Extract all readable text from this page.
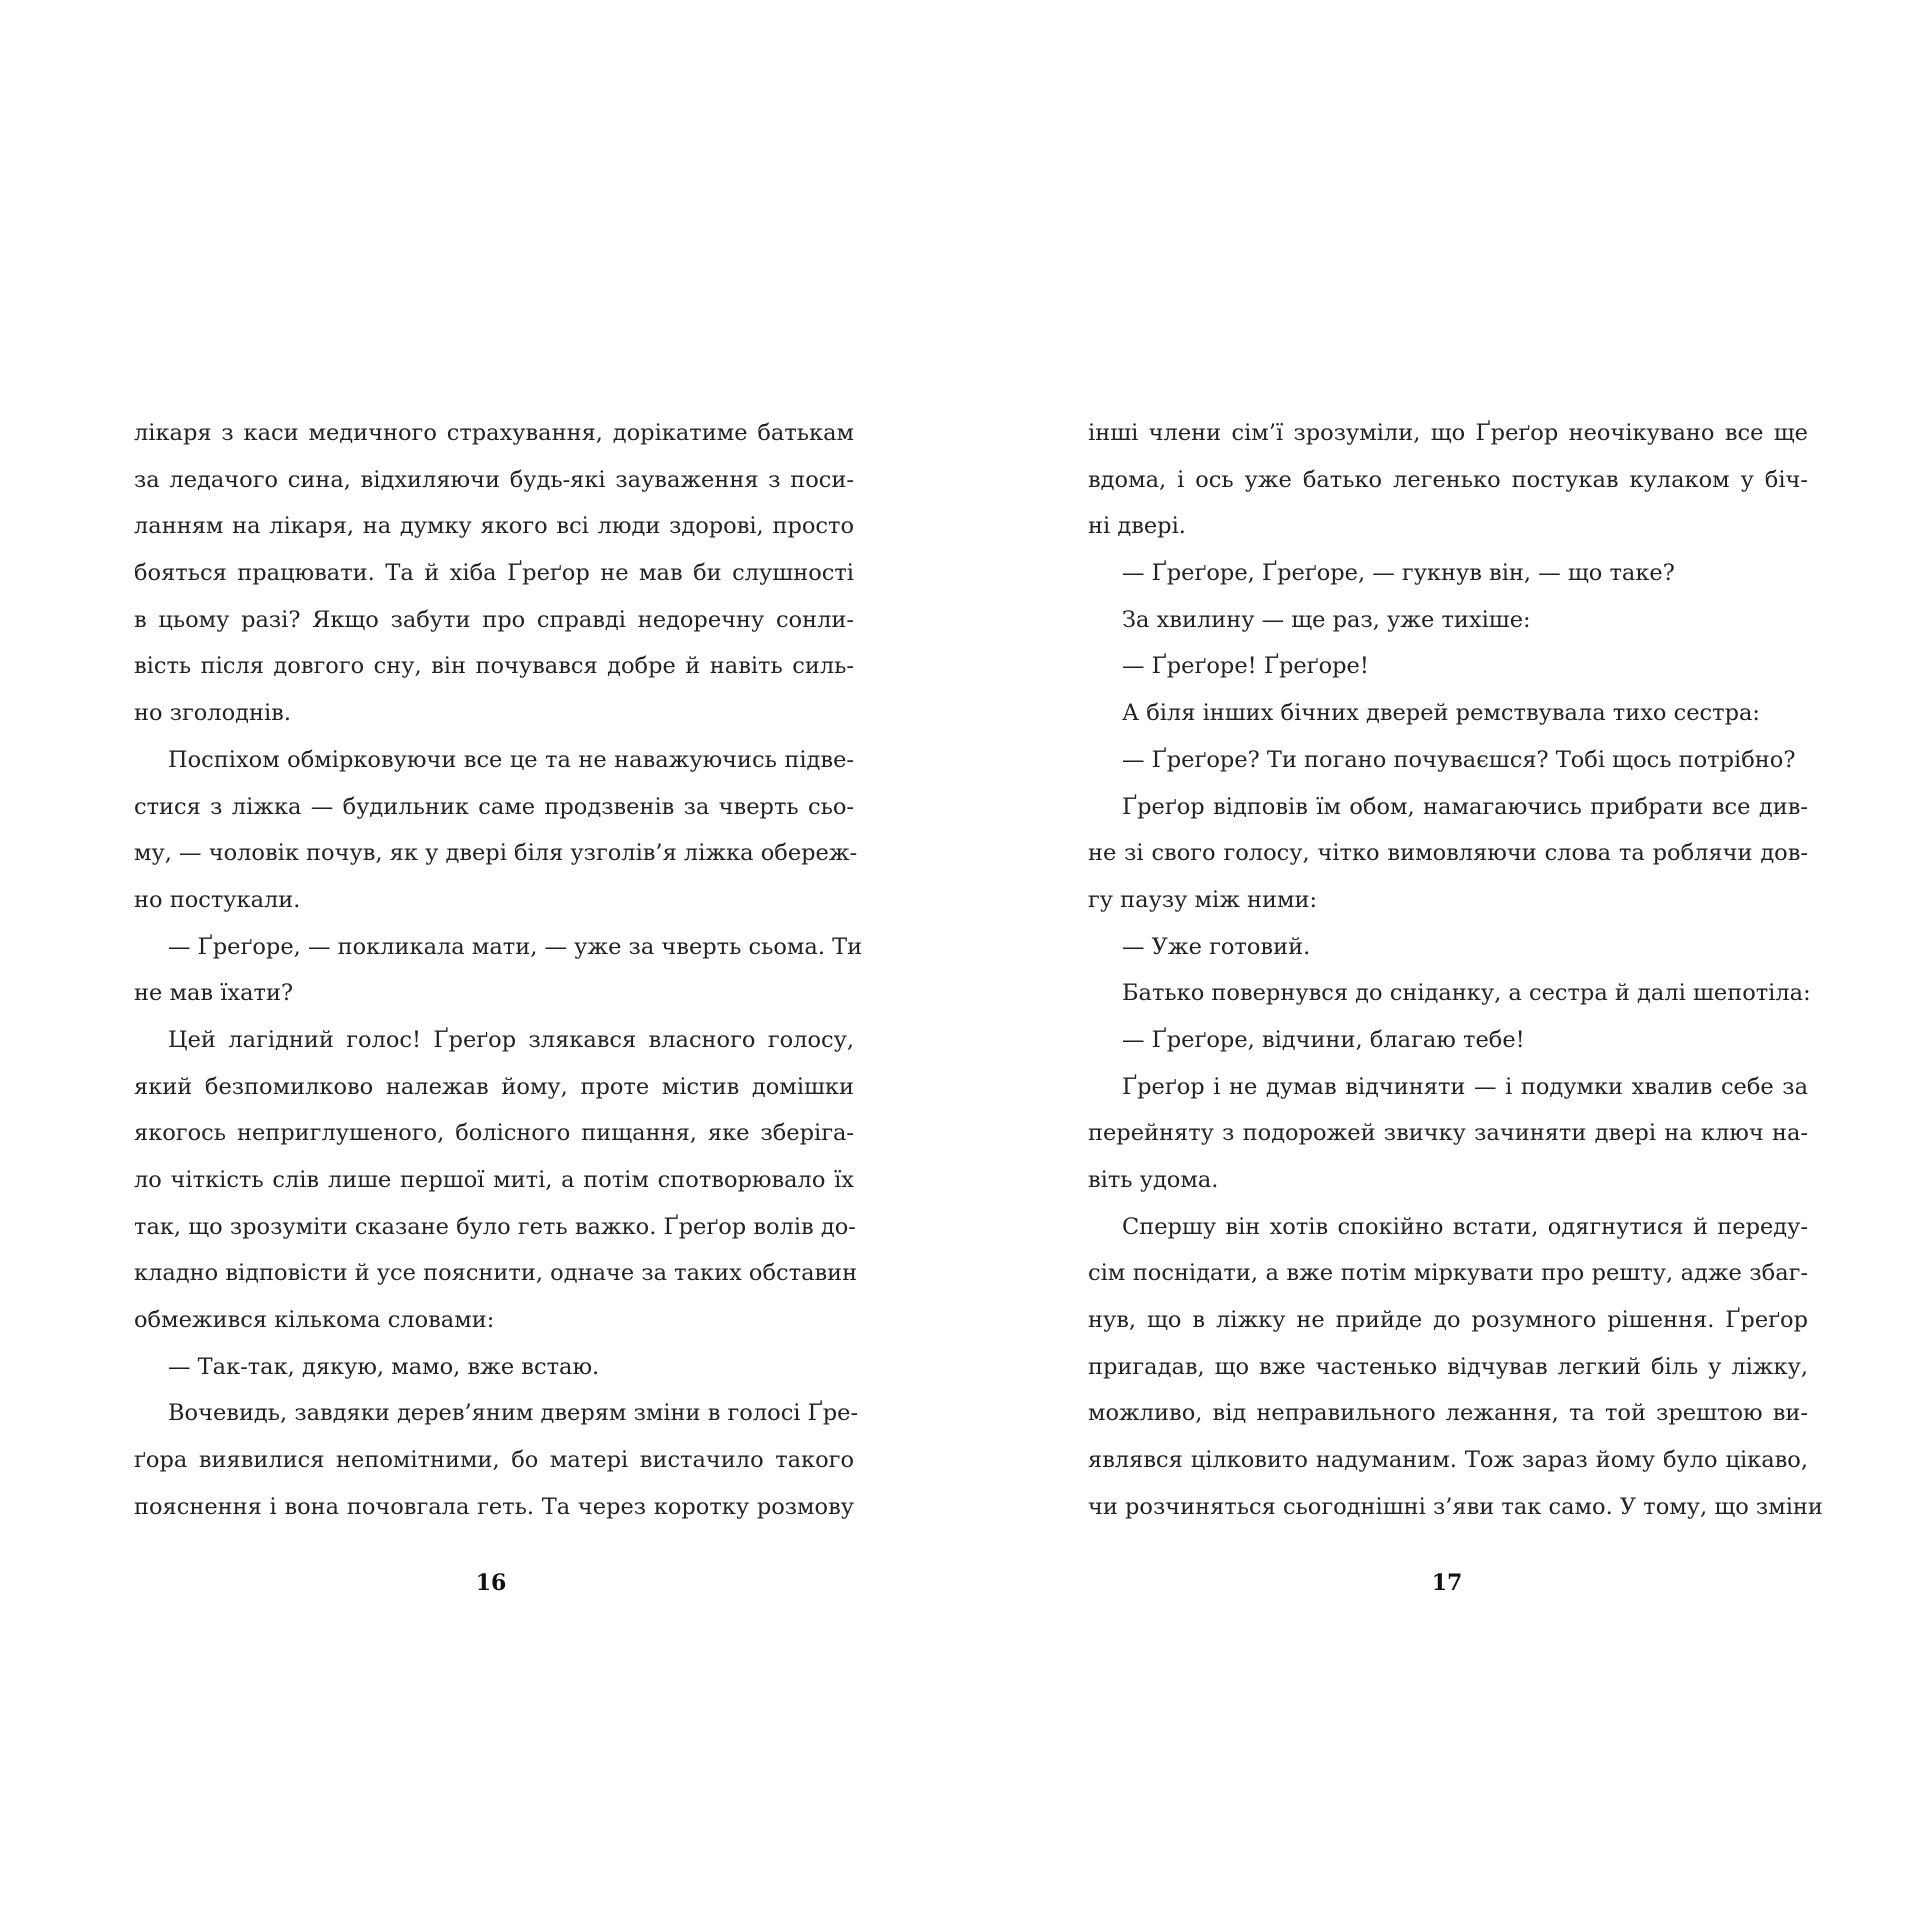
лікаря з каси медичного страхування, дорікатиме батькам
за ледачого сина, відхиляючи будь-які зауваження з поси-
ланням на лікаря, на думку якого всі люди здорові, просто
бояться працювати. Та й хіба Ґреґор не мав би слушності
в цьому разі? Якщо забути про справді недоречну сонли-
вість після довгого сну, він почувався добре й навіть силь-
но зголоднів.
Поспіхом обмірковуючи все це та не наважуючись підве-
стися з ліжка — будильник саме продзвенів за чверть сьо-
му, — чоловік почув, як у двері біля узголів’я ліжка обереж-
но постукали.
— Ґреґоре, — покликала мати, — уже за чверть сьома. Ти
не мав їхати?
Цей лагідний голос! Ґреґор злякався власного голосу,
який безпомилково належав йому, проте містив домішки
якогось неприглушеного, болісного пищання, яке зберіга-
ло чіткість слів лише першої миті, а потім спотворювало їх
так, що зрозуміти сказане було геть важко. Ґреґор волів до-
кладно відповісти й усе пояснити, одначе за таких обставин
обмежився кількома словами:
— Так-так, дякую, мамо, вже встаю.
Вочевидь, завдяки дерев’яним дверям зміни в голосі Ґре-
ґора виявилися непомітними, бо матері вистачило такого
пояснення і вона почовгала геть. Та через коротку розмову
16
інші члени сім’ї зрозуміли, що Ґреґор неочікувано все ще
вдома, і ось уже батько легенько постукав кулаком у біч-
ні двері.
— Ґреґоре, Ґреґоре, — гукнув він, — що таке?
За хвилину — ще раз, уже тихіше:
— Ґреґоре! Ґреґоре!
А біля інших бічних дверей ремствувала тихо сестра:
— Ґреґоре? Ти погано почуваєшся? Тобі щось потрібно?
Ґреґор відповів їм обом, намагаючись прибрати все див-
не зі свого голосу, чітко вимовляючи слова та роблячи дов-
гу паузу між ними:
— Уже готовий.
Батько повернувся до сніданку, а сестра й далі шепотіла:
— Ґреґоре, відчини, благаю тебе!
Ґреґор і не думав відчиняти — і подумки хвалив себе за
перейняту з подорожей звичку зачиняти двері на ключ на-
віть удома.
Спершу він хотів спокійно встати, одягнутися й переду-
сім поснідати, а вже потім міркувати про решту, адже збаг-
нув, що в ліжку не прийде до розумного рішення. Ґреґор
пригадав, що вже частенько відчував легкий біль у ліжку,
можливо, від неправильного лежання, та той зрештою ви-
являвся цілковито надуманим. Тож зараз йому було цікаво,
чи розчиняться сьогоднішні з’яви так само. У тому, що зміни
17
